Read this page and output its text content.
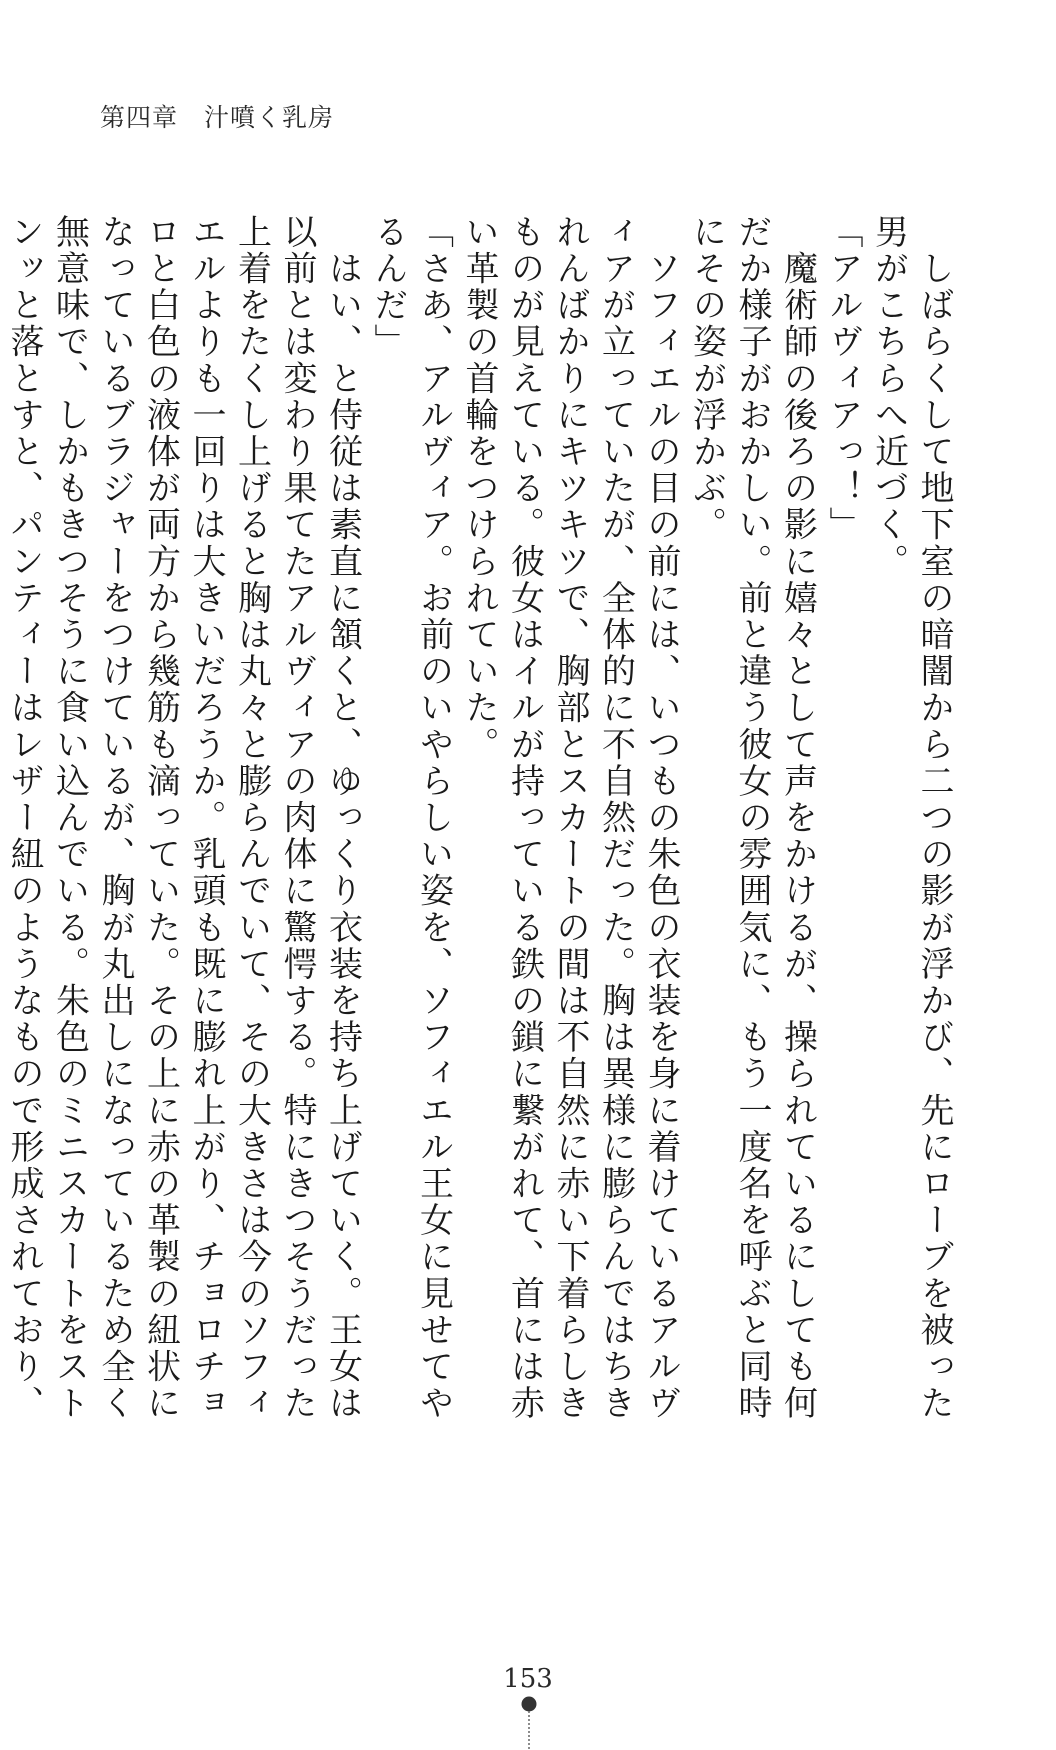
第四章　汁噴く乳房

　しばらくして地下室の暗闇から二つの影が浮かび、先にローブを被った男がこちらへ近づく。

「アルヴィアっ！」

　魔術師の後ろの影に嬉々として声をかけるが、操られているにしても何だか様子がおかしい。前と違う彼女の雰囲気に、もう一度名を呼ぶと同時にその姿が浮かぶ。

　ソフィエルの目の前には、いつもの朱色の衣装を身に着けているアルヴィアが立っていたが、全体的に不自然だった。胸は異様に膨らんではちきれんばかりにキツキツで、胸部とスカートの間は不自然に赤い下着らしきものが見えている。彼女はイルが持っている鉄の鎖に繋がれて、首には赤い革製の首輪をつけられていた。

「さあ、アルヴィア。お前のいやらしい姿を、ソフィエル王女に見せてやるんだ」

　はい、と侍従は素直に頷くと、ゆっくり衣装を持ち上げていく。王女は以前とは変わり果てたアルヴィアの肉体に驚愕する。特にきつそうだった上着をたくし上げると胸は丸々と膨らんでいて、その大きさは今のソフィエルよりも一回りは大きいだろうか。乳頭も既に膨れ上がり、チョロチョロと白色の液体が両方から幾筋も滴っていた。その上に赤の革製の紐状になっているブラジャーをつけているが、胸が丸出しになっているため全く無意味で、しかもきつそうに食い込んでいる。朱色のミニスカートをストンッと落とすと、パンティーはレザー紐のようなもので形成されており、

153
